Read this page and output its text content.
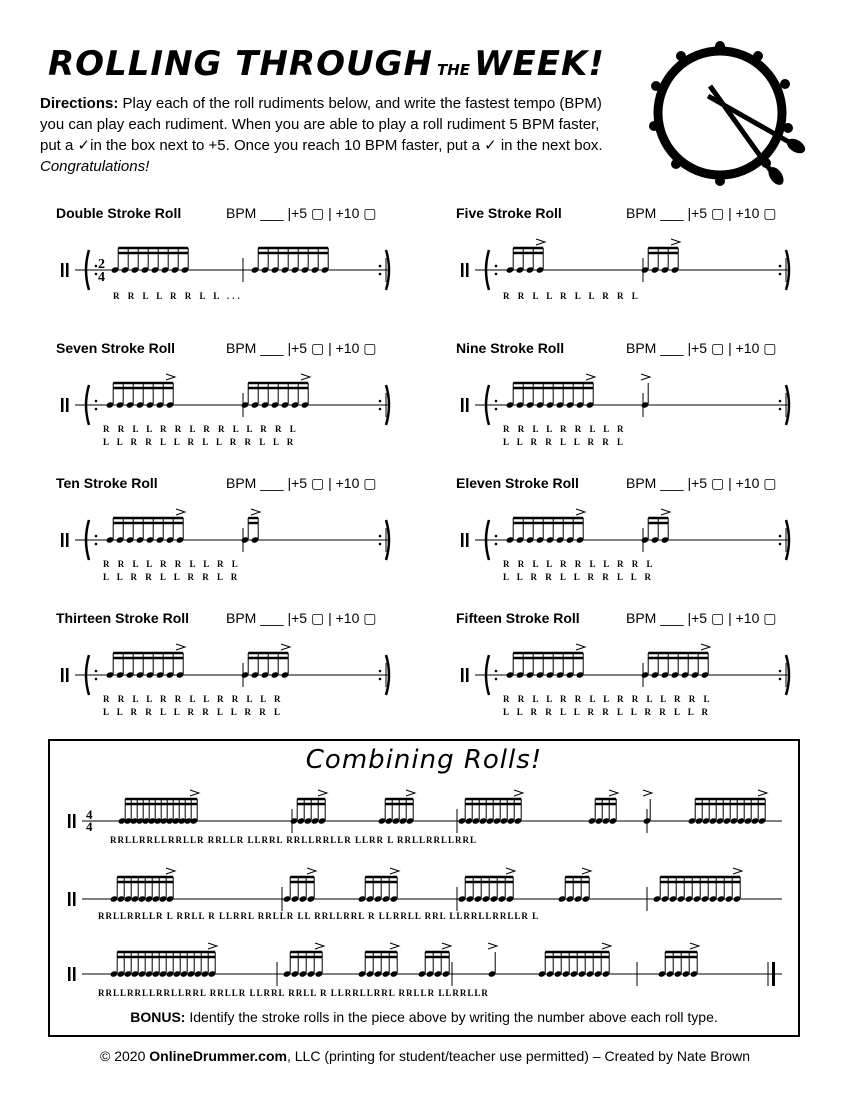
ROLLING THROUGH THE WEEK!
Directions: Play each of the roll rudiments below, and write the fastest tempo (BPM) you can play each rudiment. When you are able to play a roll rudiment 5 BPM faster, put a ✓in the box next to +5. Once you reach 10 BPM faster, put a ✓ in the next box. Congratulations!
Double Stroke Roll	BPM ___ |+5 ▢ | +10 ▢	Five Stroke Roll	BPM ___ |+5 ▢ | +10 ▢
Seven Stroke Roll	BPM ___ |+5 ▢ | +10 ▢	Nine Stroke Roll	BPM ___ |+5 ▢ | +10 ▢
Ten Stroke Roll	BPM ___ |+5 ▢ | +10 ▢	Eleven Stroke Roll	BPM ___ |+5 ▢ | +10 ▢
Thirteen Stroke Roll	BPM ___ |+5 ▢ | +10 ▢	Fifteen Stroke Roll	BPM ___ |+5 ▢ | +10 ▢
2
4
R R L L R R L L ...	R R L L R L L R R L
R R L L R R L R R L L R R L
L L R R L L R L L R R L L R
R R L L R R L L R
L L R R L L R R L
R R L L R R L L R L
L L R R L L R R L R
R R L L R R L L R R L
L L R R L L R R L L R
R R L L R R L L R R L L R
L L R R L L R R L L R R L
R R L L R R L L R R L L R R L
L L R R L L R R L L R R L L R
Combining Rolls!
4
4
RRLLRRLLRRLLR RRLLR LLRRL RRLLRRLLR LLRR L RRLLRRLLRRL
RRLLRRLLR L RRLL R LLRRL RRLLR LL RRLLRRL R LLRRLL RRL LLRRLLRRLLR L
RRLLRRLLRRLLRRL RRLLR LLRRL RRLL R LLRRLLRRL RRLLR LLRRLLR
BONUS: Identify the stroke rolls in the piece above by writing the number above each roll type.
© 2020 OnlineDrummer.com, LLC (printing for student/teacher use permitted) – Created by Nate Brown
